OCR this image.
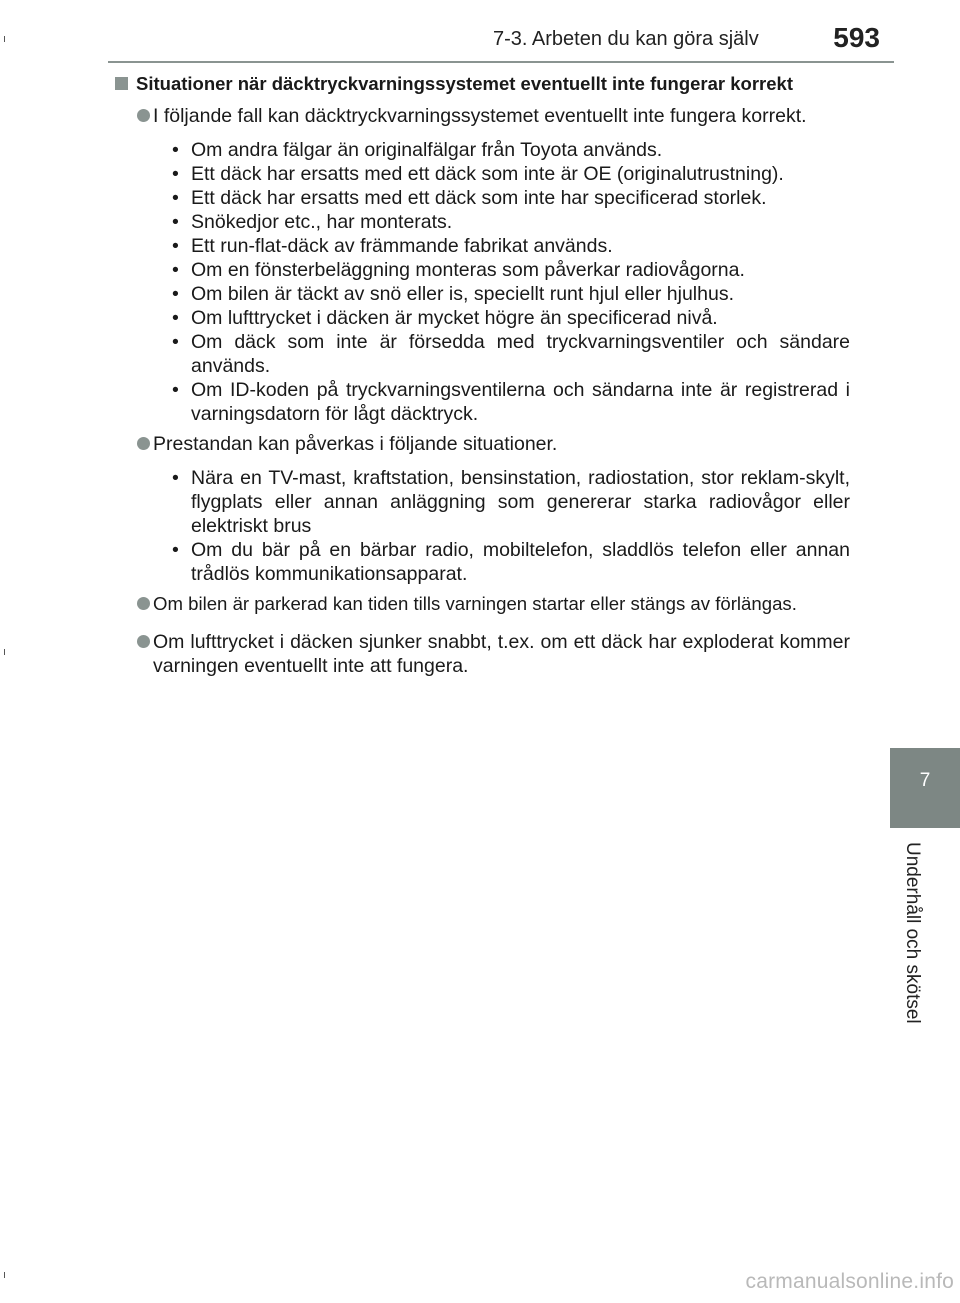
7-3. Arbeten du kan göra själv	593
7
Underhåll och skötsel
Situationer när däcktryckvarningssystemet eventuellt inte fungerar korrekt
I följande fall kan däcktryckvarningssystemet eventuellt inte fungera korrekt.
• Om andra fälgar än originalfälgar från Toyota används.
• Ett däck har ersatts med ett däck som inte är OE (originalutrustning).
• Ett däck har ersatts med ett däck som inte har specificerad storlek.
• Snökedjor etc., har monterats.
• Ett run-flat-däck av främmande fabrikat används.
• Om en fönsterbeläggning monteras som påverkar radiovågorna.
• Om bilen är täckt av snö eller is, speciellt runt hjul eller hjulhus.
• Om lufttrycket i däcken är mycket högre än specificerad nivå.
• Om däck som inte är försedda med tryckvarningsventiler och sändare används.
• Om ID-koden på tryckvarningsventilerna och sändarna inte är registrerad i varningsdatorn för lågt däcktryck.
Prestandan kan påverkas i följande situationer.
• Nära en TV-mast, kraftstation, bensinstation, radiostation, stor reklam-skylt, flygplats eller annan anläggning som genererar starka radiovågor eller elektriskt brus
• Om du bär på en bärbar radio, mobiltelefon, sladdlös telefon eller annan trådlös kommunikationsapparat.
Om bilen är parkerad kan tiden tills varningen startar eller stängs av förlängas.
Om lufttrycket i däcken sjunker snabbt, t.ex. om ett däck har exploderat kommer varningen eventuellt inte att fungera.
carmanualsonline.info
